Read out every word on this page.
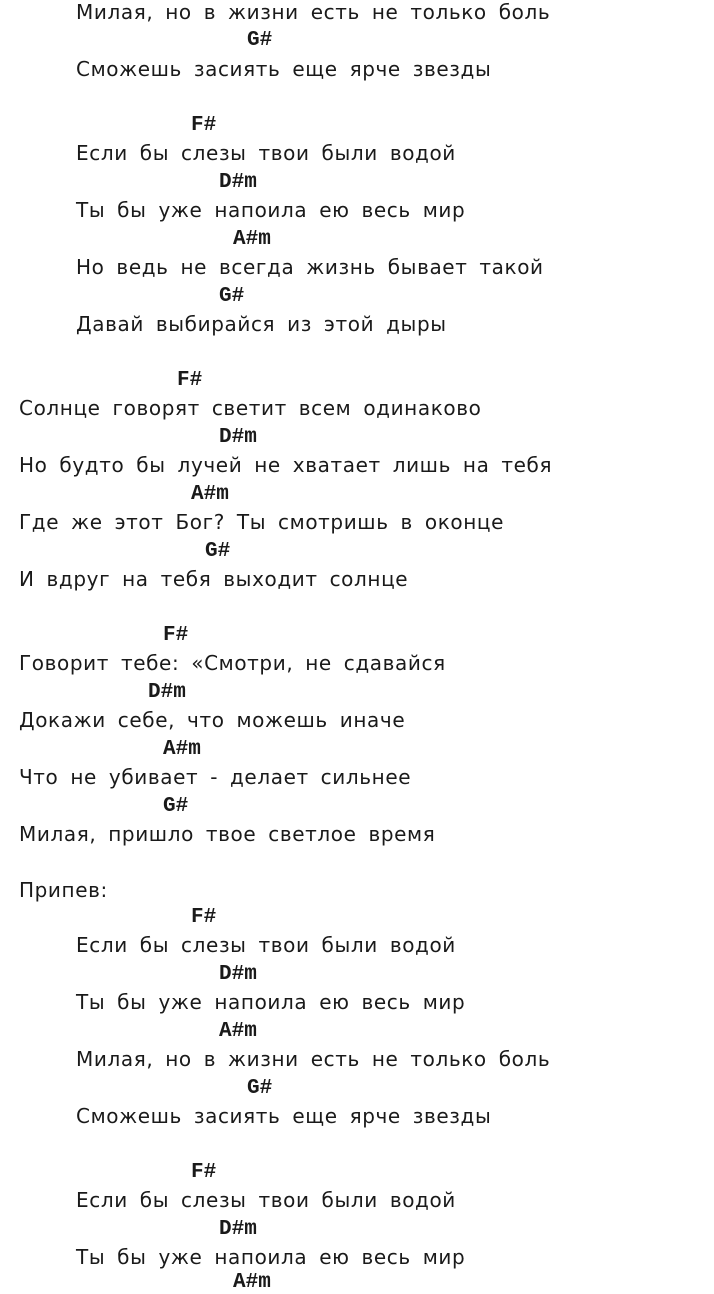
Милая, но в жизни есть не только боль
G#
Сможешь засиять еще ярче звезды
F#
Если бы слезы твои были водой
D#m
Ты бы уже напоила ею весь мир
A#m
Но ведь не всегда жизнь бывает такой
G#
Давай выбирайся из этой дыры
F#
Солнце говорят светит всем одинаково
D#m
Но будто бы лучей не хватает лишь на тебя
A#m
Где же этот Бог? Ты смотришь в оконце
G#
И вдруг на тебя выходит солнце
F#
Говорит тебе: «Смотри, не сдавайся
D#m
Докажи себе, что можешь иначе
A#m
Что не убивает - делает сильнее
G#
Милая, пришло твое светлое время
Припев:
F#
Если бы слезы твои были водой
D#m
Ты бы уже напоила ею весь мир
A#m
Милая, но в жизни есть не только боль
G#
Сможешь засиять еще ярче звезды
F#
Если бы слезы твои были водой
D#m
Ты бы уже напоила ею весь мир
A#m
